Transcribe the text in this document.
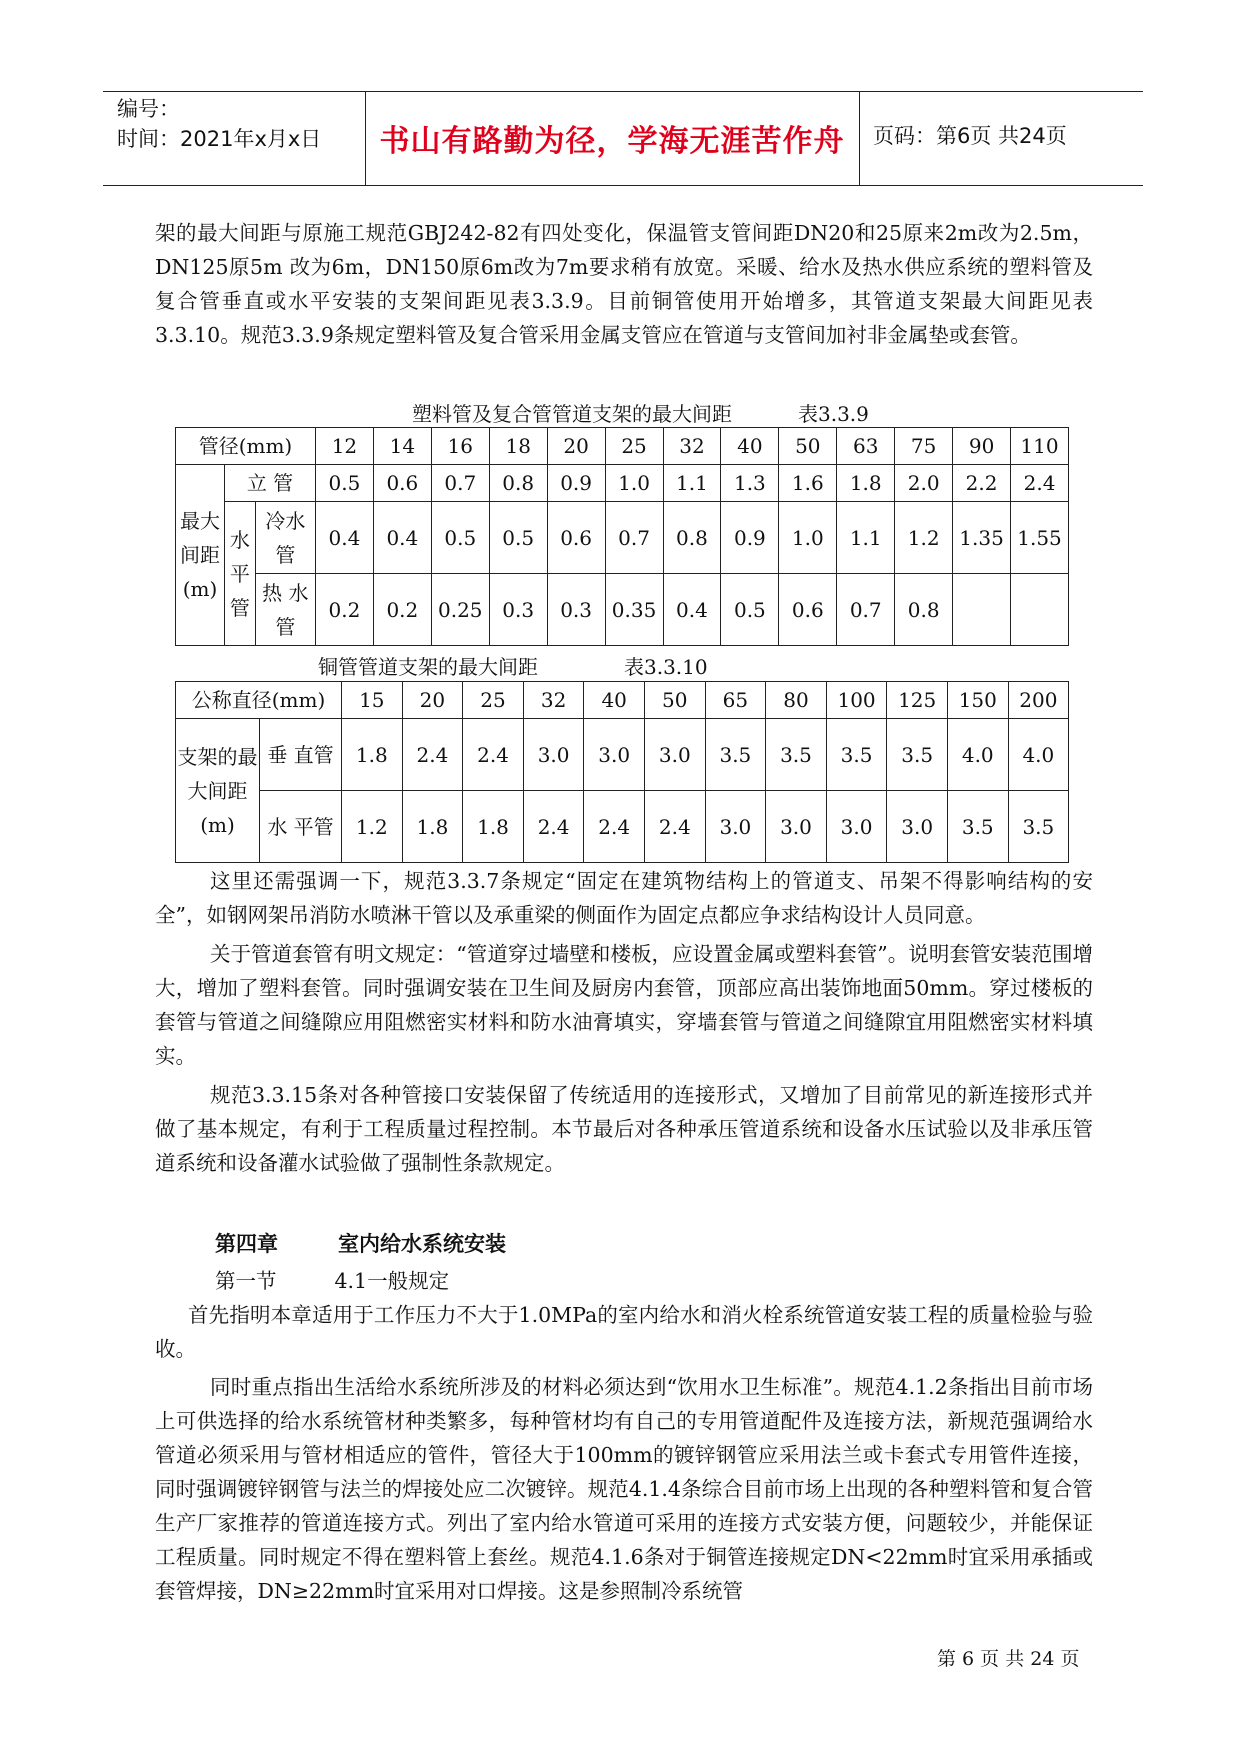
编号：
时间：2021年x月x日	书山有路勤为径，学海无涯苦作舟	页码：第6页 共24页

架的最大间距与原施工规范GBJ242-82有四处变化，保温管支管间距DN20和25原来2m改为2.5m，DN125原5m 改为6m，DN150原6m改为7m要求稍有放宽。采暖、给水及热水供应系统的塑料管及复合管垂直或水平安装的支架间距见表3.3.9。目前铜管使用开始增多，其管道支架最大间距见表3.3.10。规范3.3.9条规定塑料管及复合管采用金属支管应在管道与支管间加衬非金属垫或套管。

塑料管及复合管管道支架的最大间距	表3.3.9
管径(mm)			12	14	16	18	20	25	32	40	50	63	75	90	110
最大间距(m)	立 管		0.5	0.6	0.7	0.8	0.9	1.0	1.1	1.3	1.6	1.8	2.0	2.2	2.4
	水平管	冷水管	0.4	0.4	0.5	0.5	0.6	0.7	0.8	0.9	1.0	1.1	1.2	1.35	1.55
		热 水管	0.2	0.2	0.25	0.3	0.3	0.35	0.4	0.5	0.6	0.7	0.8		
铜管管道支架的最大间距	表3.3.10
公称直径(mm)		15	20	25	32	40	50	65	80	100	125	150	200
支架的最大间距(m)	垂 直管	1.8	2.4	2.4	3.0	3.0	3.0	3.5	3.5	3.5	3.5	4.0	4.0
	水 平管	1.2	1.8	1.8	2.4	2.4	2.4	3.0	3.0	3.0	3.0	3.5	3.5

这里还需强调一下，规范3.3.7条规定“固定在建筑物结构上的管道支、吊架不得影响结构的安全”，如钢网架吊消防水喷淋干管以及承重梁的侧面作为固定点都应争求结构设计人员同意。

关于管道套管有明文规定：“管道穿过墙壁和楼板，应设置金属或塑料套管”。说明套管安装范围增大，增加了塑料套管。同时强调安装在卫生间及厨房内套管，顶部应高出装饰地面50mm。穿过楼板的套管与管道之间缝隙应用阻燃密实材料和防水油膏填实，穿墙套管与管道之间缝隙宜用阻燃密实材料填实。

规范3.3.15条对各种管接口安装保留了传统适用的连接形式，又增加了目前常见的新连接形式并做了基本规定，有利于工程质量过程控制。本节最后对各种承压管道系统和设备水压试验以及非承压管道系统和设备灌水试验做了强制性条款规定。

第四章	室内给水系统安装
第一节	4.1一般规定

首先指明本章适用于工作压力不大于1.0MPa的室内给水和消火栓系统管道安装工程的质量检验与验收。

同时重点指出生活给水系统所涉及的材料必须达到“饮用水卫生标准”。规范4.1.2条指出目前市场上可供选择的给水系统管材种类繁多，每种管材均有自己的专用管道配件及连接方法，新规范强调给水管道必须采用与管材相适应的管件，管径大于100mm的镀锌钢管应采用法兰或卡套式专用管件连接，同时强调镀锌钢管与法兰的焊接处应二次镀锌。规范4.1.4条综合目前市场上出现的各种塑料管和复合管生产厂家推荐的管道连接方式。列出了室内给水管道可采用的连接方式安装方便，问题较少，并能保证工程质量。同时规定不得在塑料管上套丝。规范4.1.6条对于铜管连接规定DN<22mm时宜采用承插或套管焊接，DN≥22mm时宜采用对口焊接。这是参照制冷系统管

第 6 页 共 24 页
